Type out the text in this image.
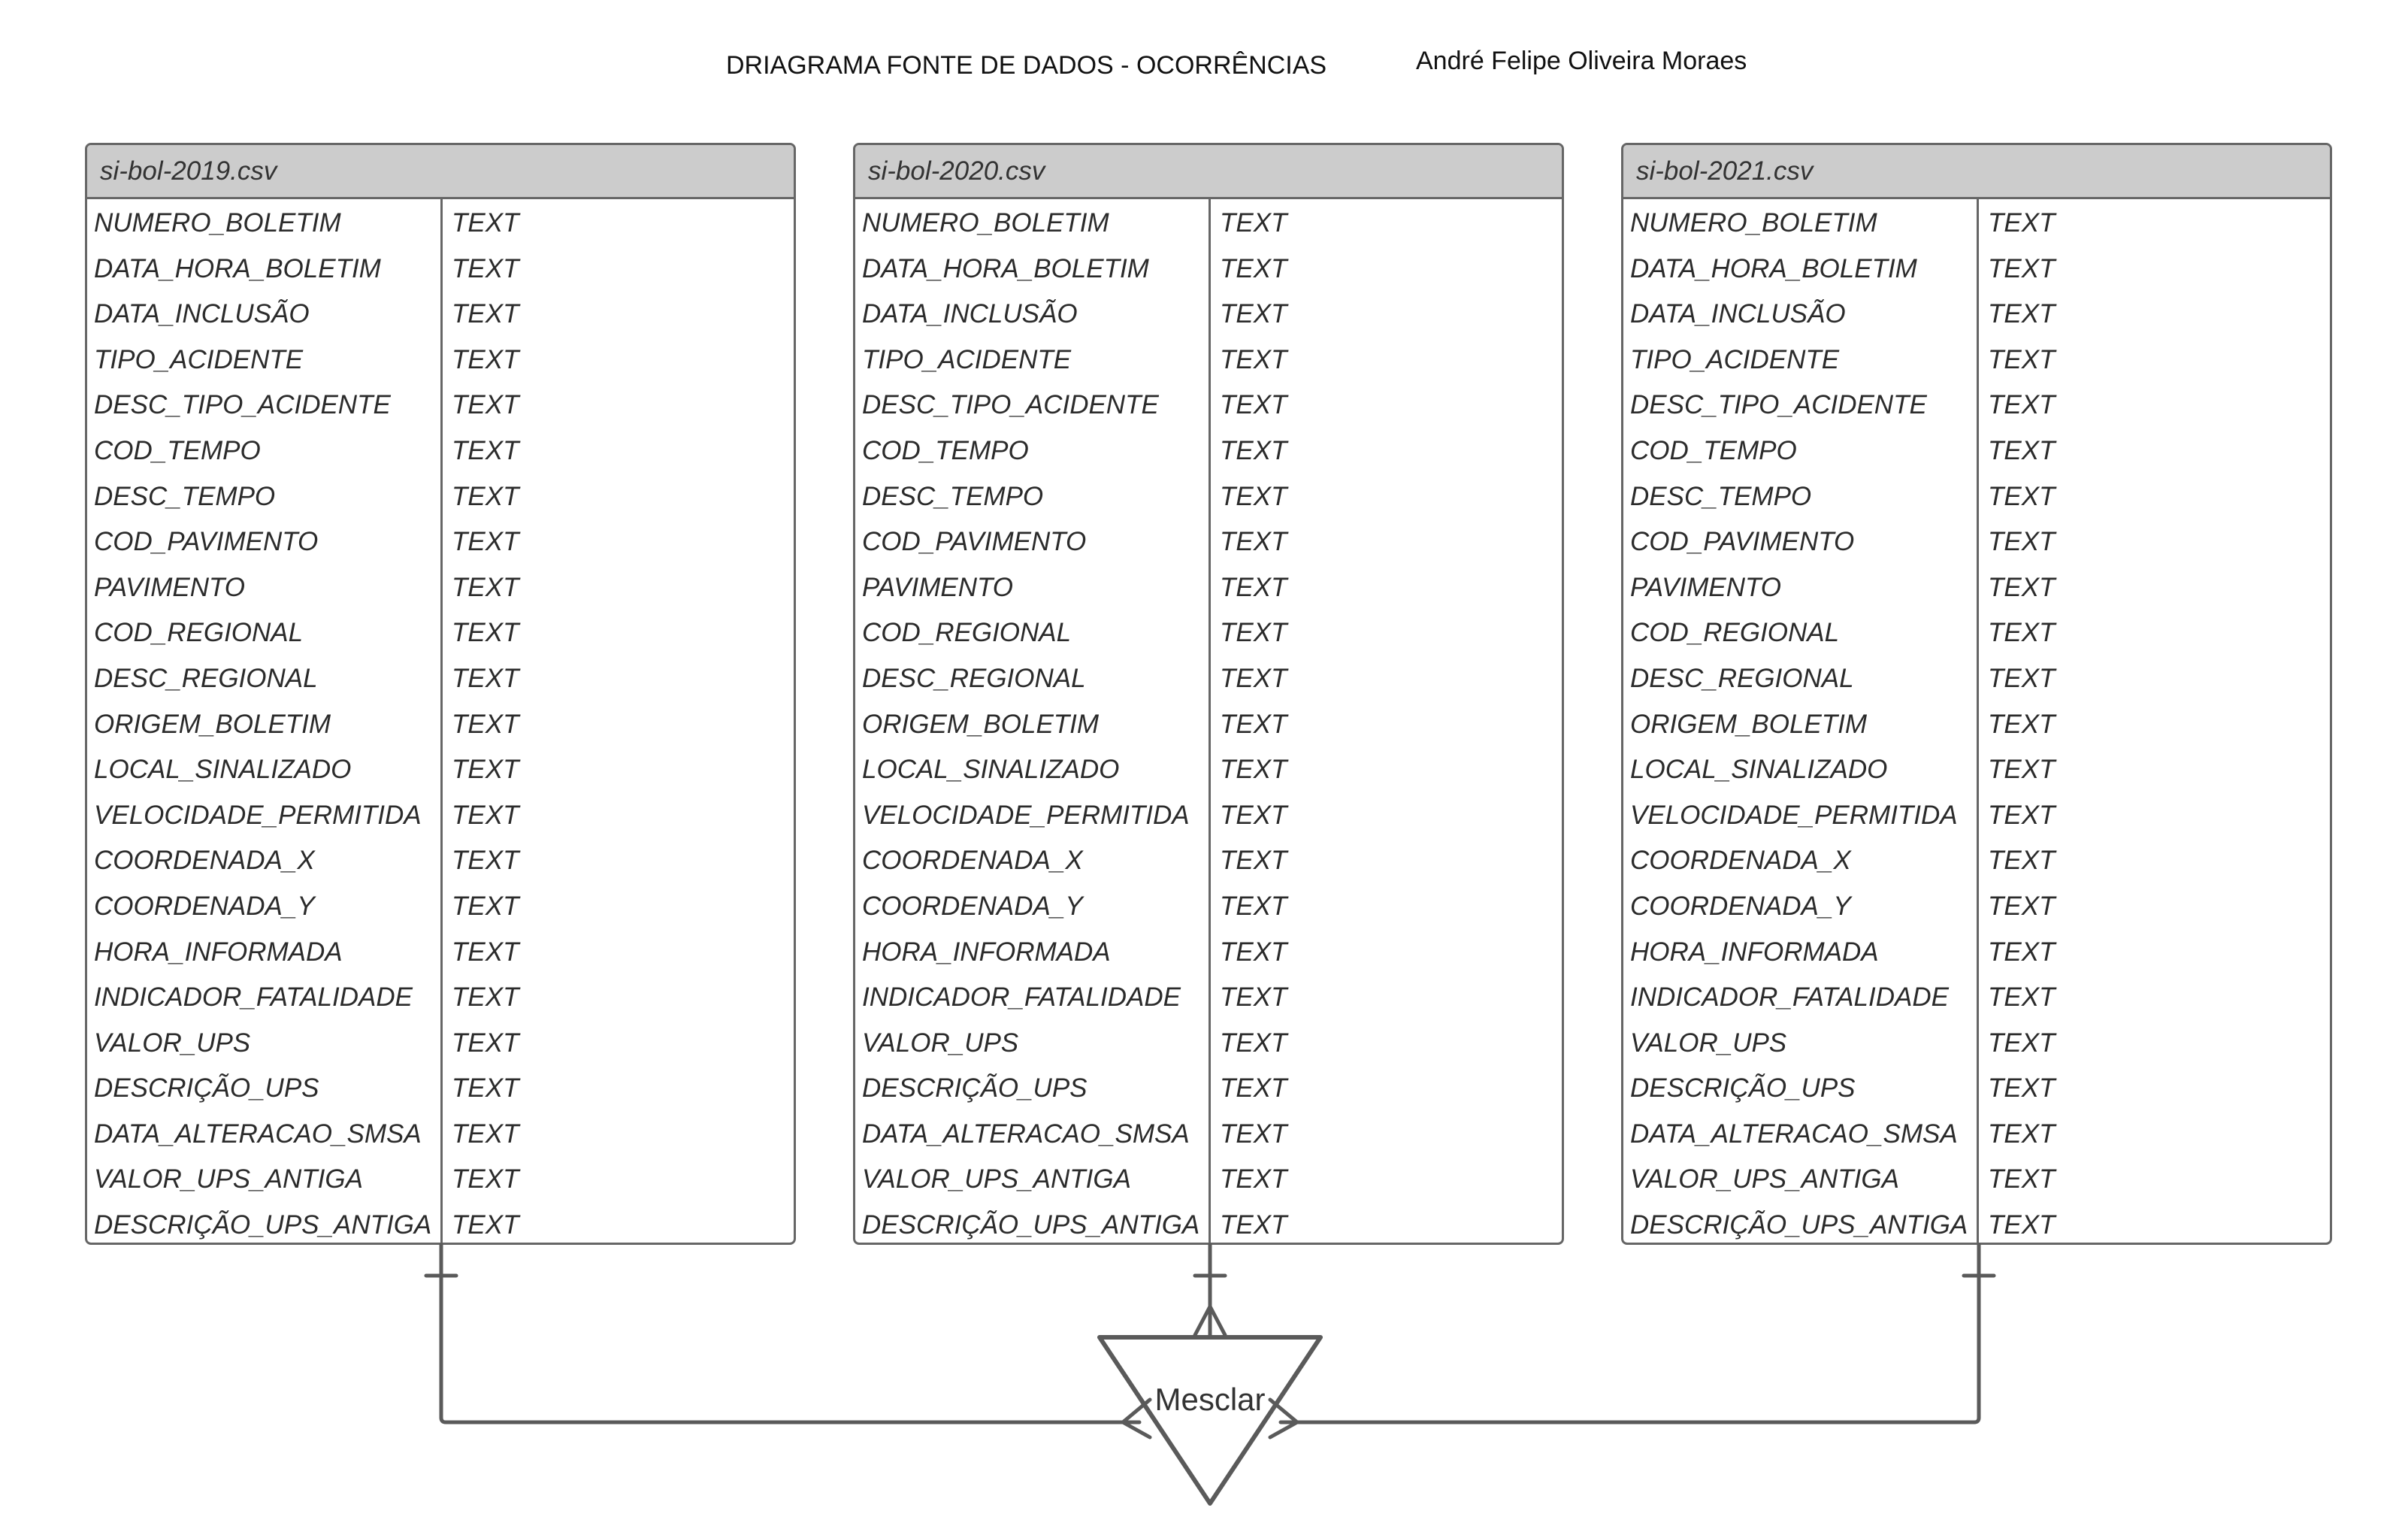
DRIAGRAMA FONTE DE DADOS - OCORRÊNCIAS	André Felipe Oliveira Moraes
si-bol-2019.csv
NUMERO_BOLETIM	TEXT
DATA_HORA_BOLETIM	TEXT
DATA_INCLUSÃO	TEXT
TIPO_ACIDENTE	TEXT
DESC_TIPO_ACIDENTE	TEXT
COD_TEMPO	TEXT
DESC_TEMPO	TEXT
COD_PAVIMENTO	TEXT
PAVIMENTO	TEXT
COD_REGIONAL	TEXT
DESC_REGIONAL	TEXT
ORIGEM_BOLETIM	TEXT
LOCAL_SINALIZADO	TEXT
VELOCIDADE_PERMITIDA	TEXT
COORDENADA_X	TEXT
COORDENADA_Y	TEXT
HORA_INFORMADA	TEXT
INDICADOR_FATALIDADE	TEXT
VALOR_UPS	TEXT
DESCRIÇÃO_UPS	TEXT
DATA_ALTERACAO_SMSA	TEXT
VALOR_UPS_ANTIGA	TEXT
DESCRIÇÃO_UPS_ANTIGA TEXT
si-bol-2020.csv
NUMERO_BOLETIM	TEXT
DATA_HORA_BOLETIM	TEXT
DATA_INCLUSÃO	TEXT
TIPO_ACIDENTE	TEXT
DESC_TIPO_ACIDENTE	TEXT
COD_TEMPO	TEXT
DESC_TEMPO	TEXT
COD_PAVIMENTO	TEXT
PAVIMENTO	TEXT
COD_REGIONAL	TEXT
DESC_REGIONAL	TEXT
ORIGEM_BOLETIM	TEXT
LOCAL_SINALIZADO	TEXT
VELOCIDADE_PERMITIDA	TEXT
COORDENADA_X	TEXT
COORDENADA_Y	TEXT
HORA_INFORMADA	TEXT
INDICADOR_FATALIDADE	TEXT
VALOR_UPS	TEXT
DESCRIÇÃO_UPS	TEXT
DATA_ALTERACAO_SMSA	TEXT
VALOR_UPS_ANTIGA	TEXT
DESCRIÇÃO_UPS_ANTIGA TEXT
si-bol-2021.csv
NUMERO_BOLETIM	TEXT
DATA_HORA_BOLETIM	TEXT
DATA_INCLUSÃO	TEXT
TIPO_ACIDENTE	TEXT
DESC_TIPO_ACIDENTE	TEXT
COD_TEMPO	TEXT
DESC_TEMPO	TEXT
COD_PAVIMENTO	TEXT
PAVIMENTO	TEXT
COD_REGIONAL	TEXT
DESC_REGIONAL	TEXT
ORIGEM_BOLETIM	TEXT
LOCAL_SINALIZADO	TEXT
VELOCIDADE_PERMITIDA	TEXT
COORDENADA_X	TEXT
COORDENADA_Y	TEXT
HORA_INFORMADA	TEXT
INDICADOR_FATALIDADE	TEXT
VALOR_UPS	TEXT
DESCRIÇÃO_UPS	TEXT
DATA_ALTERACAO_SMSA	TEXT
VALOR_UPS_ANTIGA	TEXT
DESCRIÇÃO_UPS_ANTIGA TEXT
Mesclar
